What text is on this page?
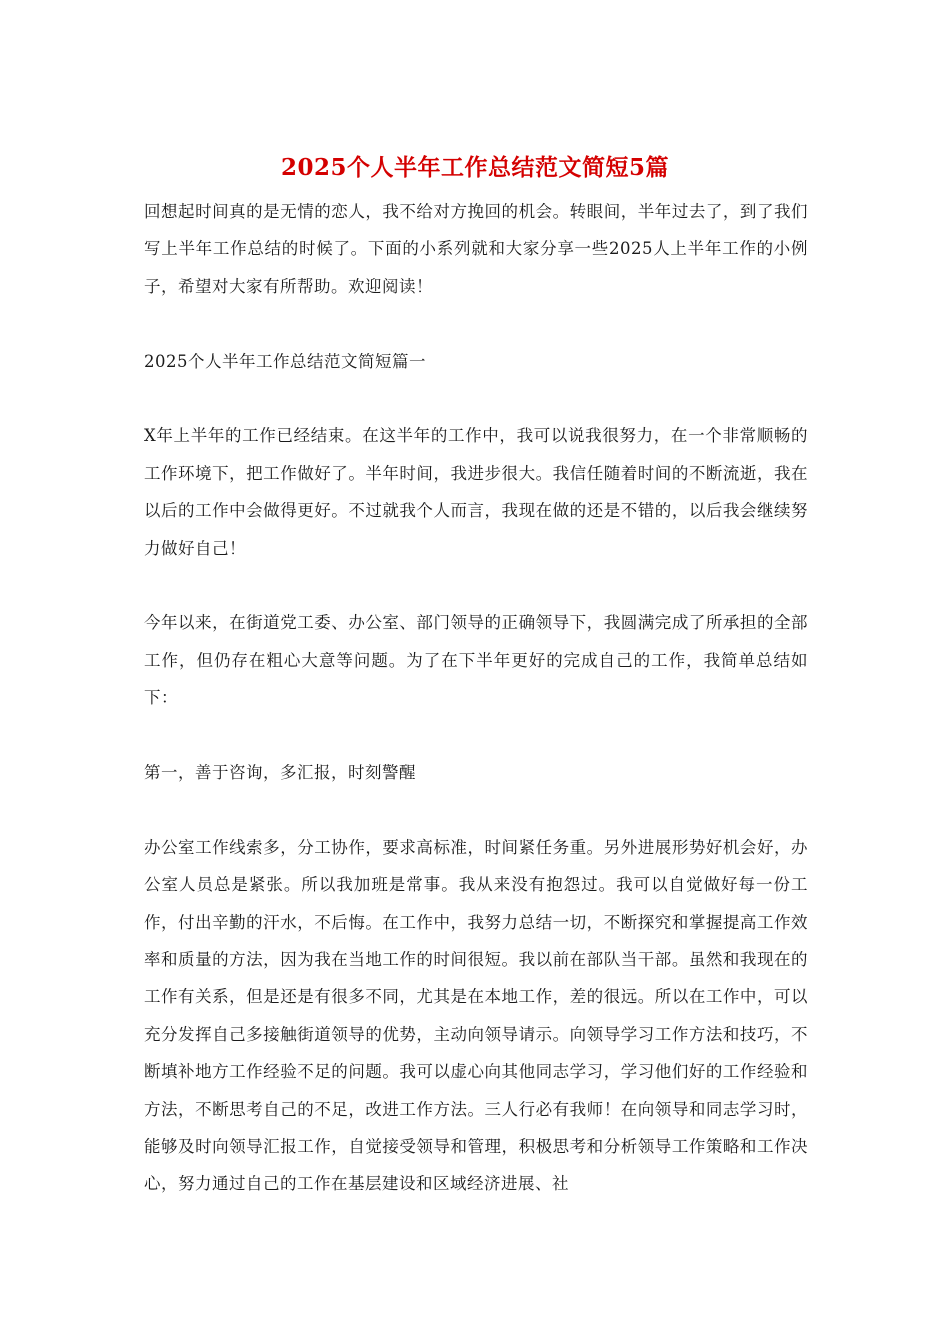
2025个人半年工作总结范文简短5篇

回想起时间真的是无情的恋人，我不给对方挽回的机会。转眼间，半年过去了，到了我们写上半年工作总结的时候了。下面的小系列就和大家分享一些2025人上半年工作的小例子，希望对大家有所帮助。欢迎阅读！

2025个人半年工作总结范文简短篇一

X年上半年的工作已经结束。在这半年的工作中，我可以说我很努力，在一个非常顺畅的工作环境下，把工作做好了。半年时间，我进步很大。我信任随着时间的不断流逝，我在以后的工作中会做得更好。不过就我个人而言，我现在做的还是不错的，以后我会继续努力做好自己！

今年以来，在街道党工委、办公室、部门领导的正确领导下，我圆满完成了所承担的全部工作，但仍存在粗心大意等问题。为了在下半年更好的完成自己的工作，我简单总结如下：

第一，善于咨询，多汇报，时刻警醒

办公室工作线索多，分工协作，要求高标准，时间紧任务重。另外进展形势好机会好，办公室人员总是紧张。所以我加班是常事。我从来没有抱怨过。我可以自觉做好每一份工作，付出辛勤的汗水，不后悔。在工作中，我努力总结一切，不断探究和掌握提高工作效率和质量的方法，因为我在当地工作的时间很短。我以前在部队当干部。虽然和我现在的工作有关系，但是还是有很多不同，尤其是在本地工作，差的很远。所以在工作中，可以充分发挥自己多接触街道领导的优势，主动向领导请示。向领导学习工作方法和技巧，不断填补地方工作经验不足的问题。我可以虚心向其他同志学习，学习他们好的工作经验和方法，不断思考自己的不足，改进工作方法。三人行必有我师！在向领导和同志学习时，能够及时向领导汇报工作，自觉接受领导和管理，积极思考和分析领导工作策略和工作决心，努力通过自己的工作在基层建设和区域经济进展、社
